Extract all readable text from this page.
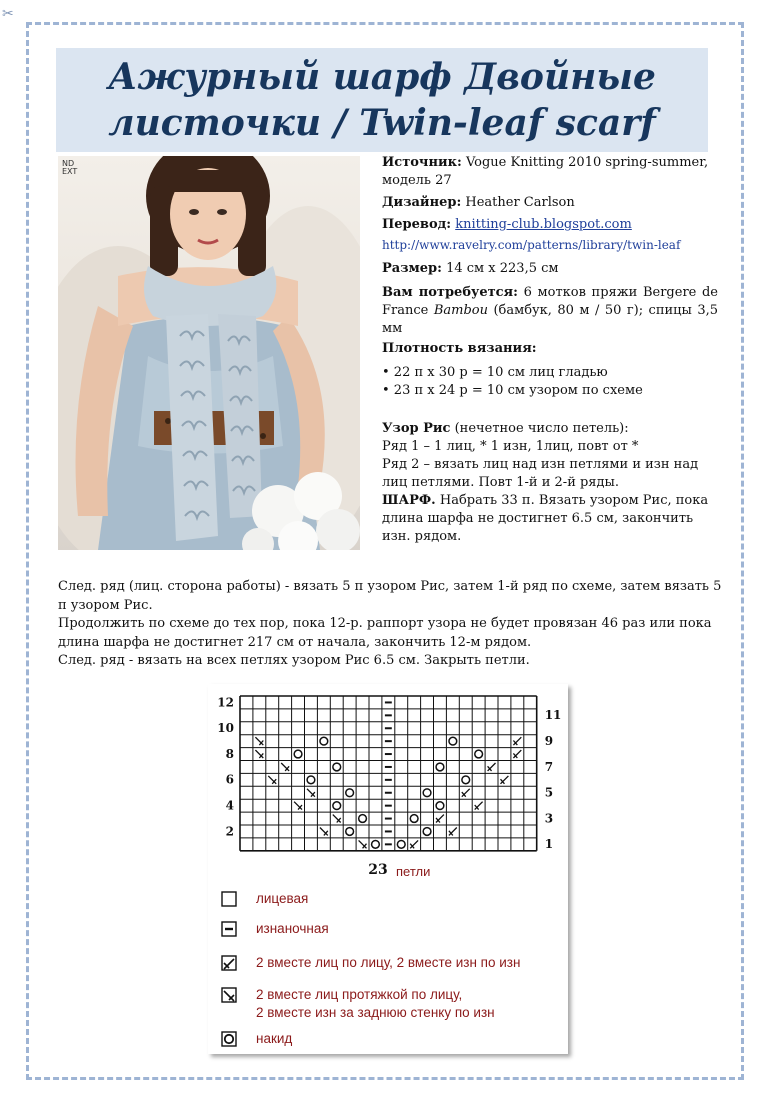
✂
Ажурный шарф Двойные
листочки / Twin-leaf scarf
ND EXT

Источник: Vogue Knitting 2010 spring-summer, модель 27

Дизайнер: Heather Carlson

Перевод: knitting-club.blogspot.com

http://www.ravelry.com/patterns/library/twin-leaf

Размер: 14 см х 223,5 см

Вам потребуется: 6 мотков пряжи Bergere de France Bambou (бамбук, 80 м / 50 г); спицы 3,5 мм

Плотность вязания:

• 22 п х 30 р = 10 см лиц гладью

• 23 п х 24 р = 10 см узором по схеме

Узор Рис (нечетное число петель):

Ряд 1 – 1 лиц, * 1 изн, 1лиц, повт от *

Ряд 2 – вязать лиц над изн петлями и изн над лиц петлями. Повт 1-й и 2-й ряды.

ШАРФ. Набрать 33 п. Вязать узором Рис, пока длина шарфа не достигнет 6.5 см, закончить изн. рядом.

След. ряд (лиц. сторона работы) - вязать 5 п узором Рис, затем 1-й ряд по схеме, затем вязать 5 п узором Рис.

Продолжить по схеме до тех пор, пока 12-р. раппорт узора не будет провязан 46 раз или пока длина шарфа не достигнет 217 см от начала, закончить 12-м рядом.

След. ряд - вязать на всех петлях узором Рис 6.5 см. Закрыть петли.

2
4
6
8
10
12
1
3
5
7
9
11
23 петли
лицевая
изнаночная
2 вместе лиц по лицу, 2 вместе изн по изн
2 вместе лиц протяжкой по лицу,
2 вместе изн за заднюю стенку по изн
накид
